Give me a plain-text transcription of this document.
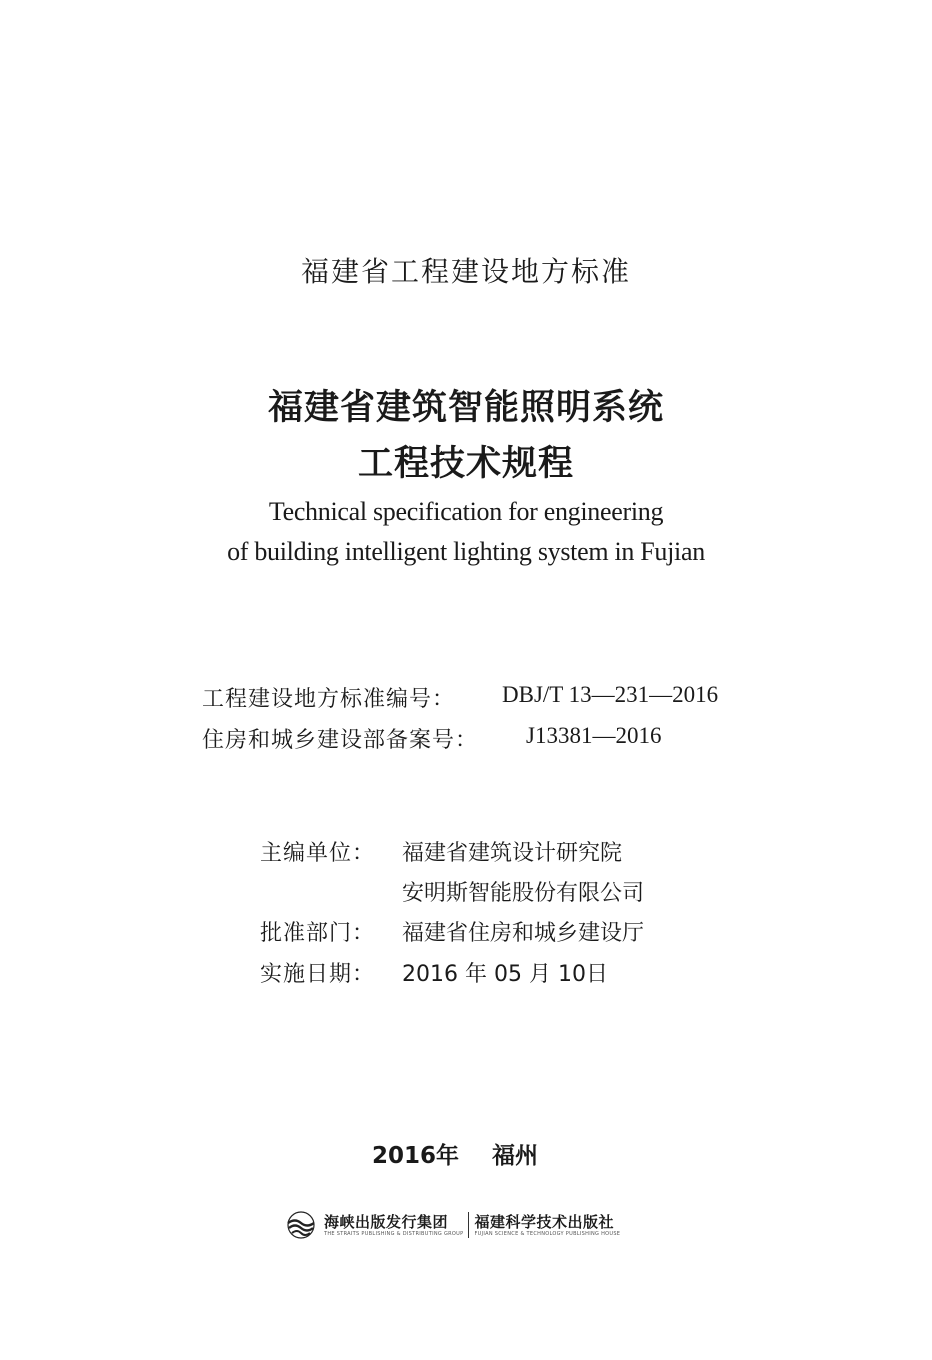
福建省工程建设地方标准
福建省建筑智能照明系统
工程技术规程
Technical specification for engineering
of building intelligent lighting system in Fujian
工程建设地方标准编号： DBJ/T 13—231—2016
住房和城乡建设部备案号： J13381—2016
主编单位： 福建省建筑设计研究院
安明斯智能股份有限公司
批准部门： 福建省住房和城乡建设厅
实施日期： 2016 年 05 月 10日
2016年 福州
海峡出版发行集团
THE STRAITS PUBLISHING & DISTRIBUTING GROUP
福建科学技术出版社
FUJIAN SCIENCE & TECHNOLOGY PUBLISHING HOUSE
